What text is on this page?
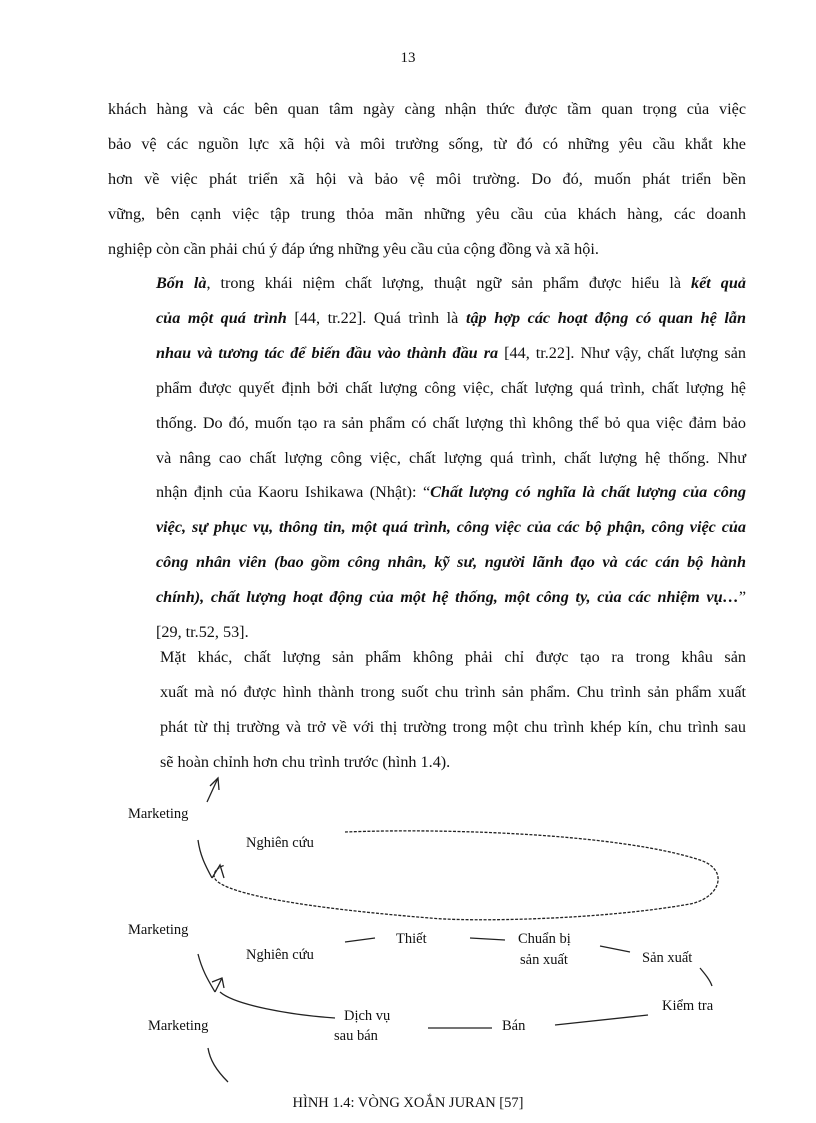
13
khách hàng và các bên quan tâm ngày càng nhận thức được tầm quan trọng của việc
bảo vệ các nguồn lực xã hội và môi trường sống, từ đó có những yêu cầu khắt khe
hơn về việc phát triển xã hội và bảo vệ môi trường. Do đó, muốn phát triển bền
vững, bên cạnh việc tập trung thỏa mãn những yêu cầu của khách hàng, các doanh
nghiệp còn cần phải chú ý đáp ứng những yêu cầu của cộng đồng và xã hội.
Bốn là, trong khái niệm chất lượng, thuật ngữ sản phẩm được hiểu là kết quả
của một quá trình [44, tr.22]. Quá trình là tập hợp các hoạt động có quan hệ lẫn
nhau và tương tác để biến đầu vào thành đầu ra [44, tr.22]. Như vậy, chất lượng sản
phẩm được quyết định bởi chất lượng công việc, chất lượng quá trình, chất lượng hệ
thống. Do đó, muốn tạo ra sản phẩm có chất lượng thì không thể bỏ qua việc đảm bảo
và nâng cao chất lượng công việc, chất lượng quá trình, chất lượng hệ thống. Như
nhận định của Kaoru Ishikawa (Nhật): “Chất lượng có nghĩa là chất lượng của công
việc, sự phục vụ, thông tin, một quá trình, công việc của các bộ phận, công việc của
công nhân viên (bao gồm công nhân, kỹ sư, người lãnh đạo và các cán bộ hành
chính), chất lượng hoạt động của một hệ thống, một công ty, của các nhiệm vụ…”
[29, tr.52, 53].
Mặt khác, chất lượng sản phẩm không phải chỉ được tạo ra trong khâu sản
xuất mà nó được hình thành trong suốt chu trình sản phẩm. Chu trình sản phẩm xuất
phát từ thị trường và trở về với thị trường trong một chu trình khép kín, chu trình sau
sẽ hoàn chỉnh hơn chu trình trước (hình 1.4).
Marketing
Nghiên cứu
Marketing
Nghiên cứu
Thiết	Chuẩn bị
sản xuất	Sản xuất
Kiểm tra
Bán
Dịch vụ
sau bán
Marketing
HÌNH 1.4: VÒNG XOẮN JURAN [57]
